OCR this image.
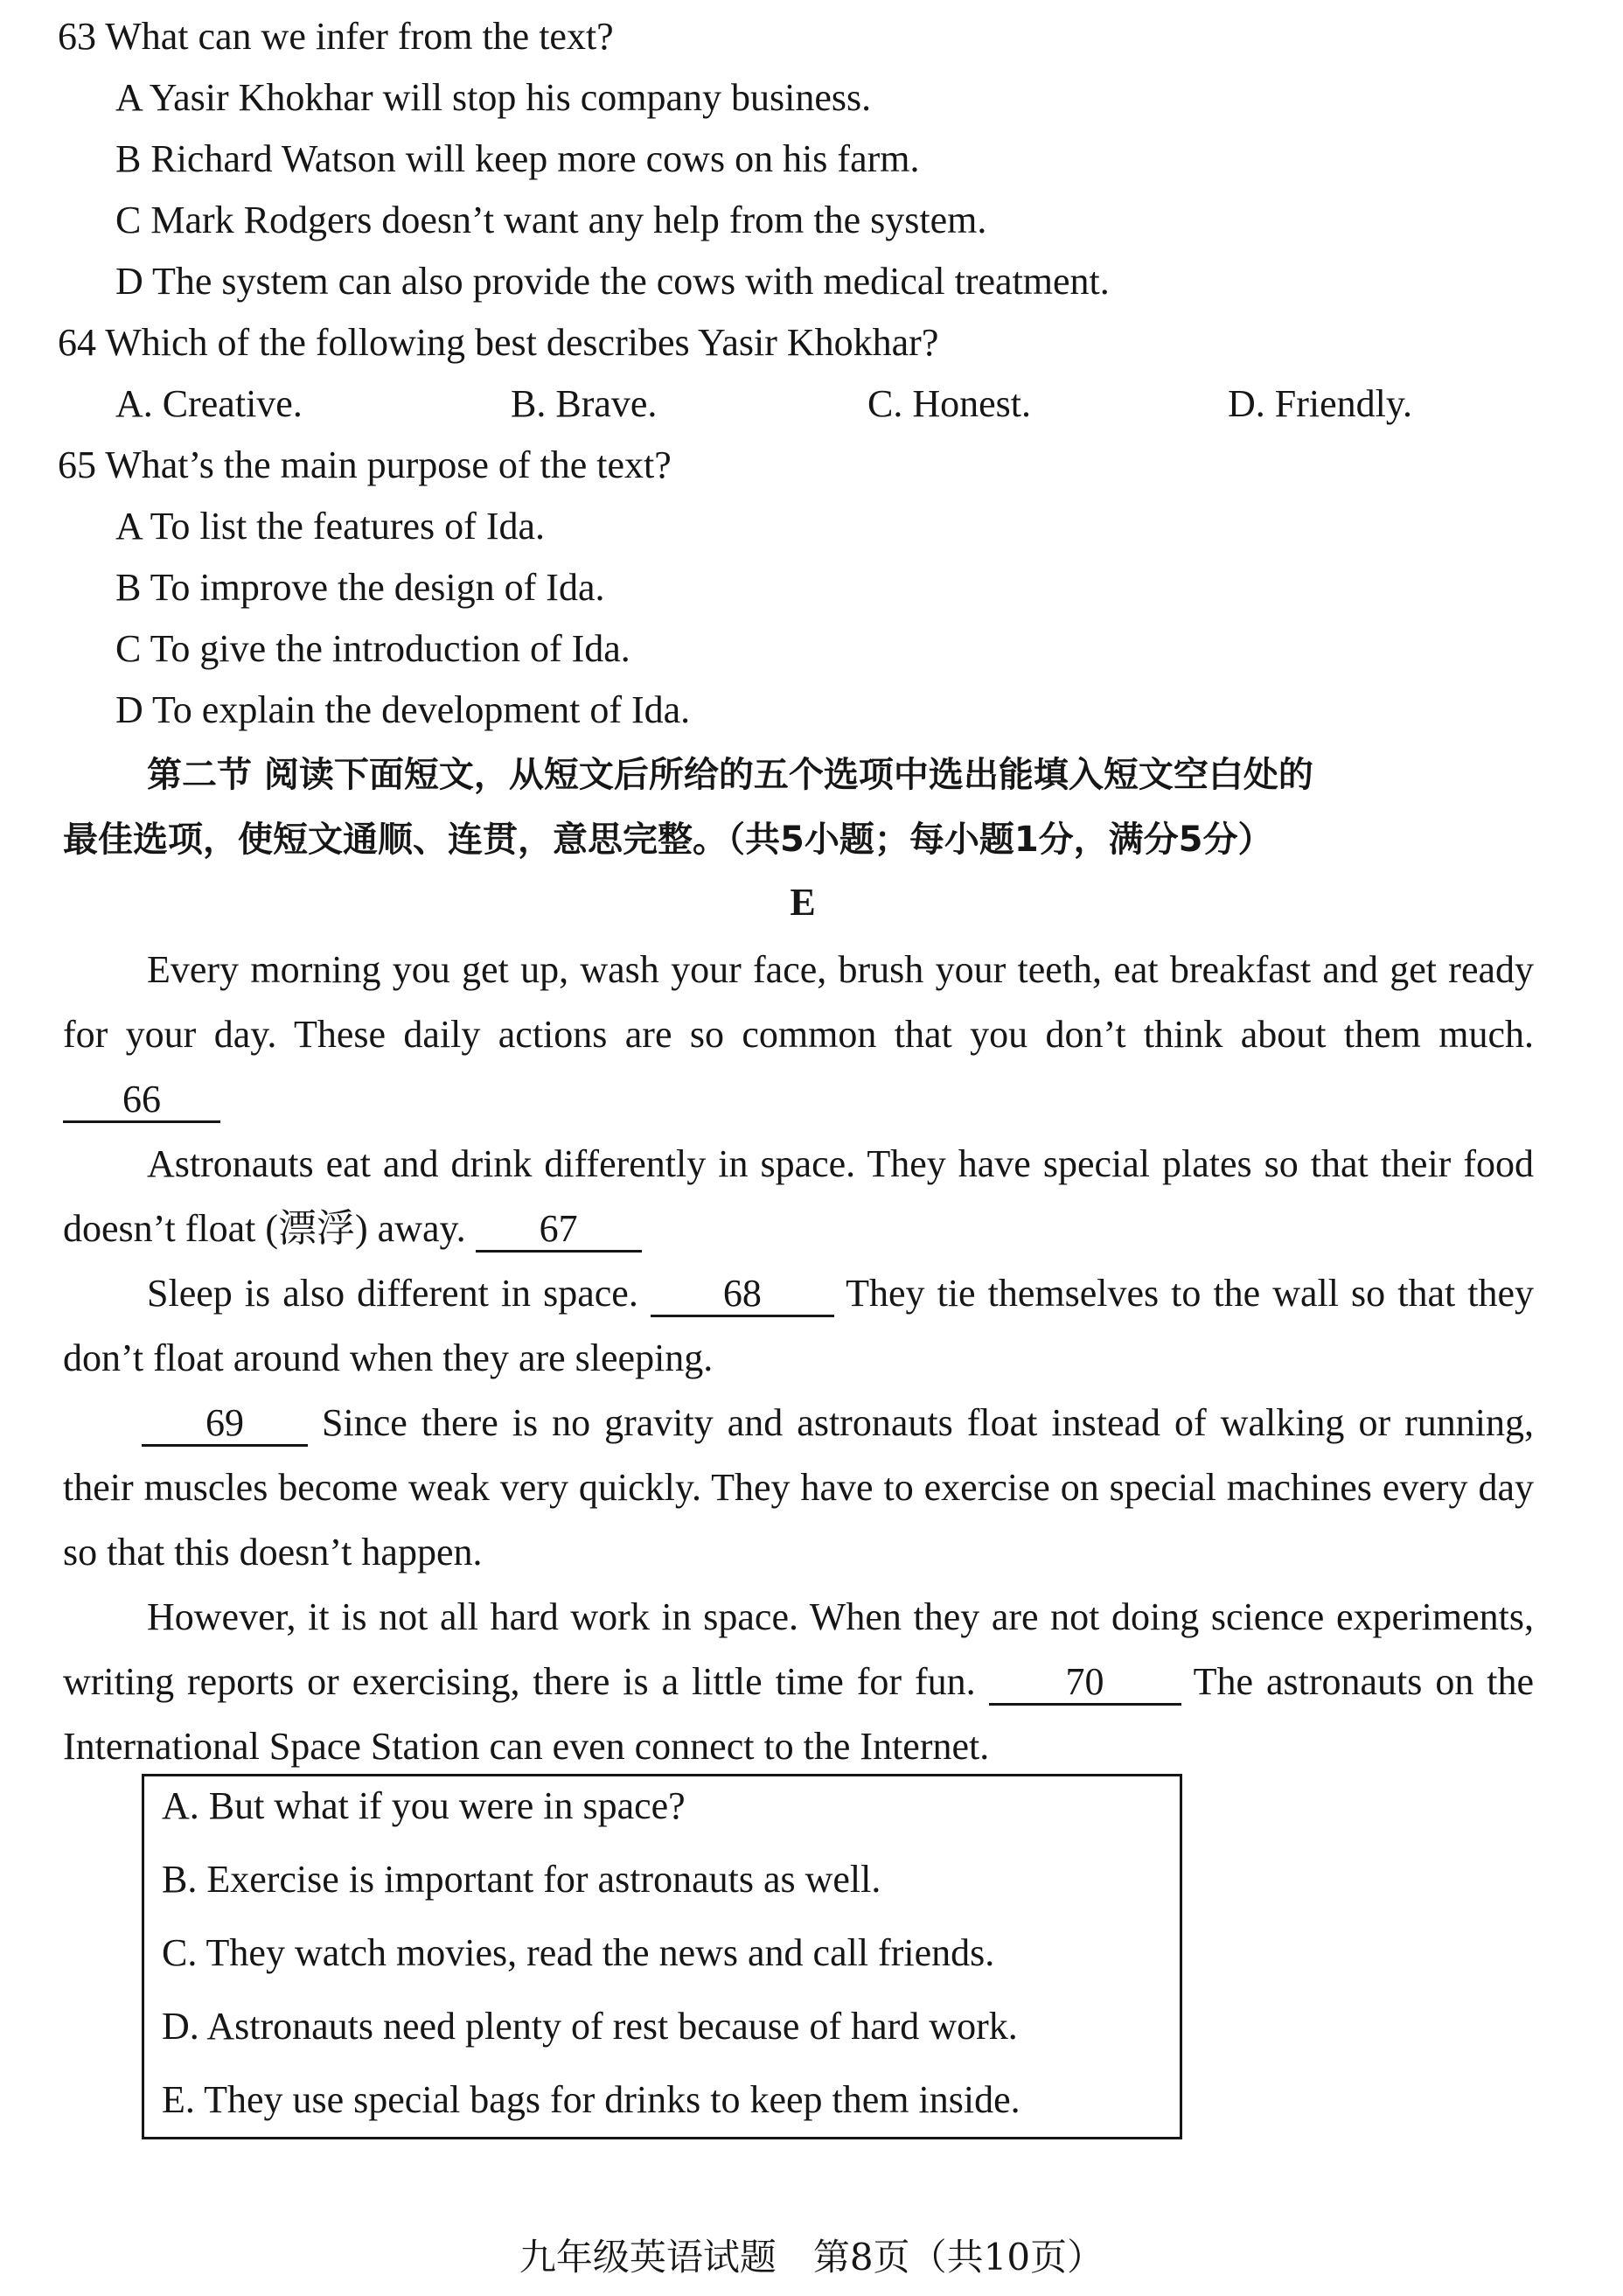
63 What can we infer from the text?
A Yasir Khokhar will stop his company business.
B Richard Watson will keep more cows on his farm.
C Mark Rodgers doesn’t want any help from the system.
D The system can also provide the cows with medical treatment.
64 Which of the following best describes Yasir Khokhar?
A. Creative.	B. Brave.	C. Honest.	D. Friendly.
65 What’s the main purpose of the text?
A To list the features of Ida.
B To improve the design of Ida.
C To give the introduction of Ida.
D To explain the development of Ida.
第二节 阅读下面短文，从短文后所给的五个选项中选出能填入短文空白处的
最佳选项，使短文通顺、连贯，意思完整。（共5小题；每小题1分，满分5分）
E
Every morning you get up, wash your face, brush your teeth, eat breakfast and get ready for your day. These daily actions are so common that you don’t think about them much. 66
Astronauts eat and drink differently in space. They have special plates so that their food doesn’t float (漂浮) away. 67
Sleep is also different in space. 68 They tie themselves to the wall so that they don’t float around when they are sleeping.
69 Since there is no gravity and astronauts float instead of walking or running, their muscles become weak very quickly. They have to exercise on special machines every day so that this doesn’t happen.
However, it is not all hard work in space. When they are not doing science experiments, writing reports or exercising, there is a little time for fun. 70 The astronauts on the International Space Station can even connect to the Internet.
A. But what if you were in space?
B. Exercise is important for astronauts as well.
C. They watch movies, read the news and call friends.
D. Astronauts need plenty of rest because of hard work.
E. They use special bags for drinks to keep them inside.
九年级英语试题　第8页（共10页）
